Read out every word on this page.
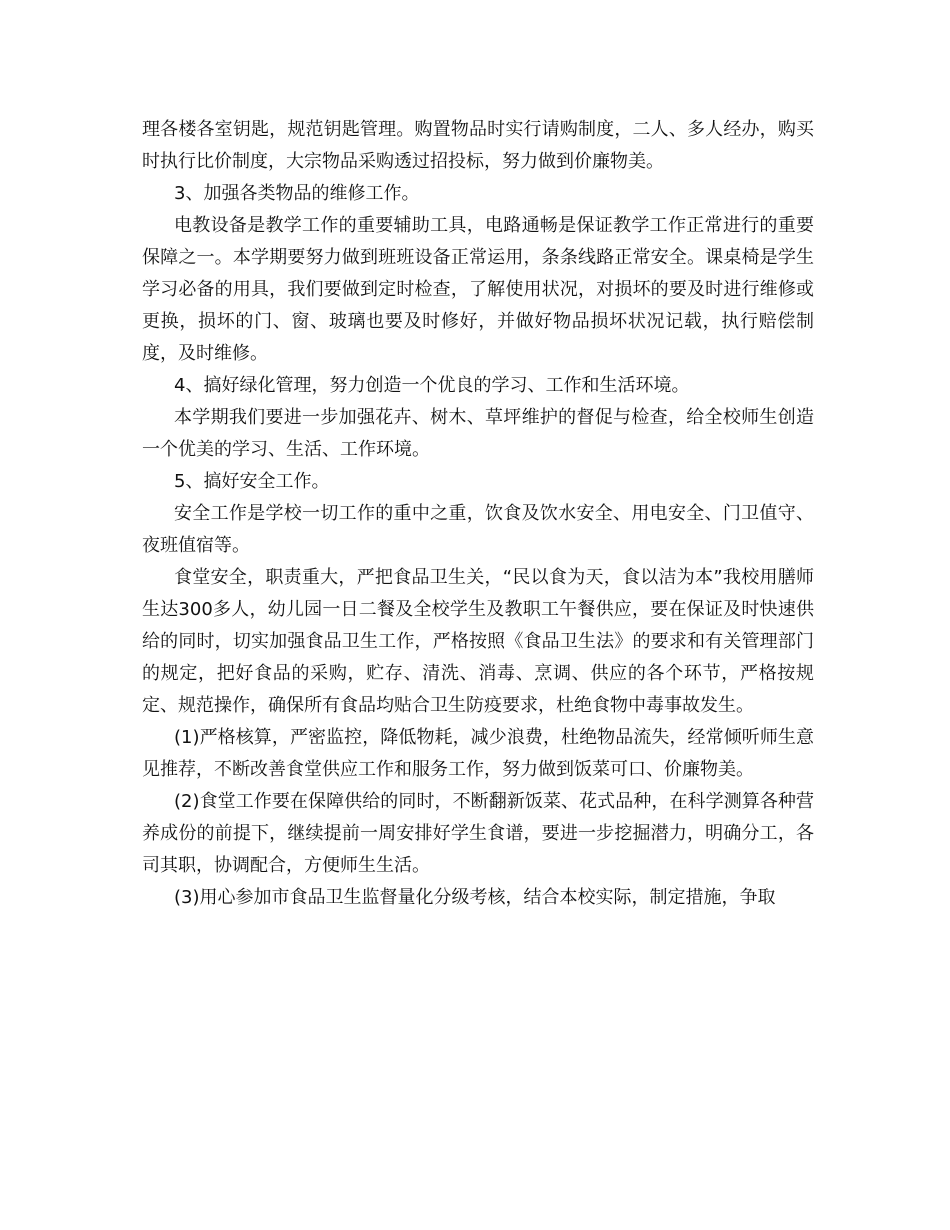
理各楼各室钥匙，规范钥匙管理。购置物品时实行请购制度，二人、多人经办，购买时执行比价制度，大宗物品采购透过招投标，努力做到价廉物美。

3、加强各类物品的维修工作。

电教设备是教学工作的重要辅助工具，电路通畅是保证教学工作正常进行的重要保障之一。本学期要努力做到班班设备正常运用，条条线路正常安全。课桌椅是学生学习必备的用具，我们要做到定时检查，了解使用状况，对损坏的要及时进行维修或更换，损坏的门、窗、玻璃也要及时修好，并做好物品损坏状况记载，执行赔偿制度，及时维修。

4、搞好绿化管理，努力创造一个优良的学习、工作和生活环境。

本学期我们要进一步加强花卉、树木、草坪维护的督促与检查，给全校师生创造一个优美的学习、生活、工作环境。

5、搞好安全工作。

安全工作是学校一切工作的重中之重，饮食及饮水安全、用电安全、门卫值守、夜班值宿等。

食堂安全，职责重大，严把食品卫生关，“民以食为天，食以洁为本”我校用膳师生达300多人，幼儿园一日二餐及全校学生及教职工午餐供应，要在保证及时快速供给的同时，切实加强食品卫生工作，严格按照《食品卫生法》的要求和有关管理部门的规定，把好食品的采购，贮存、清洗、消毒、烹调、供应的各个环节，严格按规定、规范操作，确保所有食品均贴合卫生防疫要求，杜绝食物中毒事故发生。

(1)严格核算，严密监控，降低物耗，减少浪费，杜绝物品流失，经常倾听师生意见推荐，不断改善食堂供应工作和服务工作，努力做到饭菜可口、价廉物美。

(2)食堂工作要在保障供给的同时，不断翻新饭菜、花式品种，在科学测算各种营养成份的前提下，继续提前一周安排好学生食谱，要进一步挖掘潜力，明确分工，各司其职，协调配合，方便师生生活。

(3)用心参加市食品卫生监督量化分级考核，结合本校实际，制定措施，争取
